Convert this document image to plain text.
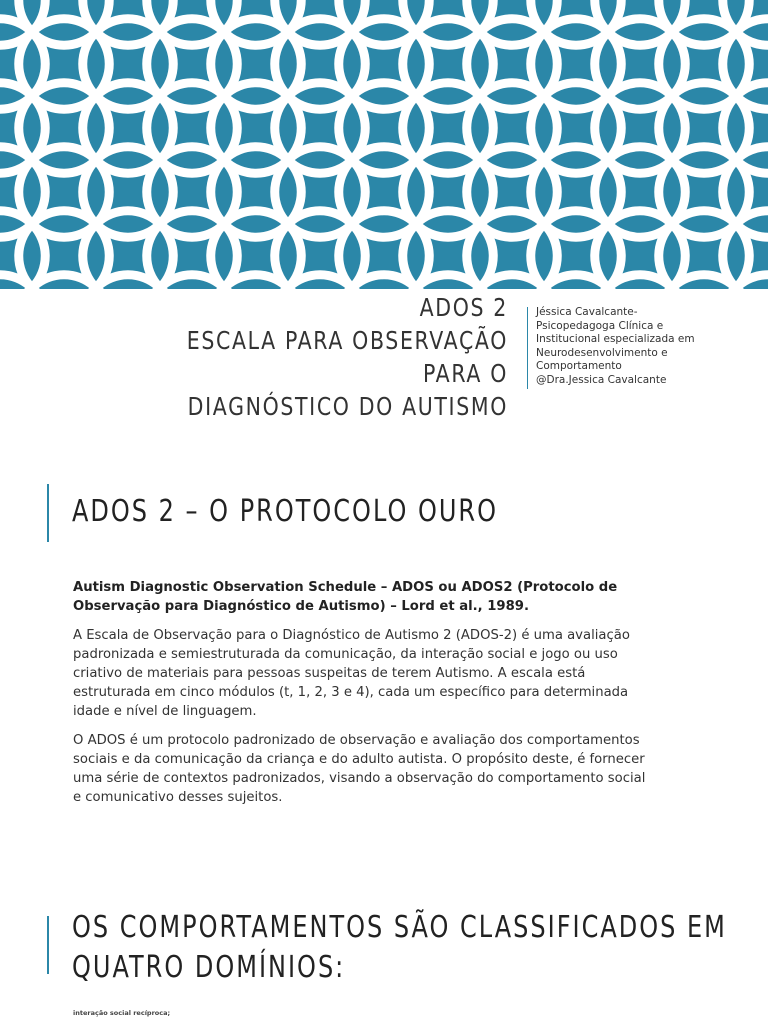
ADOS 2
ESCALA PARA OBSERVAÇÃO PARA O
DIAGNÓSTICO DO AUTISMO
Jéssica Cavalcante-
Psicopedagoga Clínica e
Institucional especializada em
Neurodesenvolvimento e
Comportamento
@Dra.Jessica Cavalcante
ADOS 2 – O PROTOCOLO OURO

Autism Diagnostic Observation Schedule – ADOS ou ADOS2 (Protocolo de Observação para Diagnóstico de Autismo) – Lord et al., 1989.

A Escala de Observação para o Diagnóstico de Autismo 2 (ADOS-2) é uma avaliação padronizada e semiestruturada da comunicação, da interação social e jogo ou uso criativo de materiais para pessoas suspeitas de terem Autismo. A escala está estruturada em cinco módulos (t, 1, 2, 3 e 4), cada um específico para determinada idade e nível de linguagem.

O ADOS é um protocolo padronizado de observação e avaliação dos comportamentos sociais e da comunicação da criança e do adulto autista. O propósito deste, é fornecer uma série de contextos padronizados, visando a observação do comportamento social e comunicativo desses sujeitos.

OS COMPORTAMENTOS SÃO CLASSIFICADOS EM
QUATRO DOMÍNIOS:
interação social recíproca;
